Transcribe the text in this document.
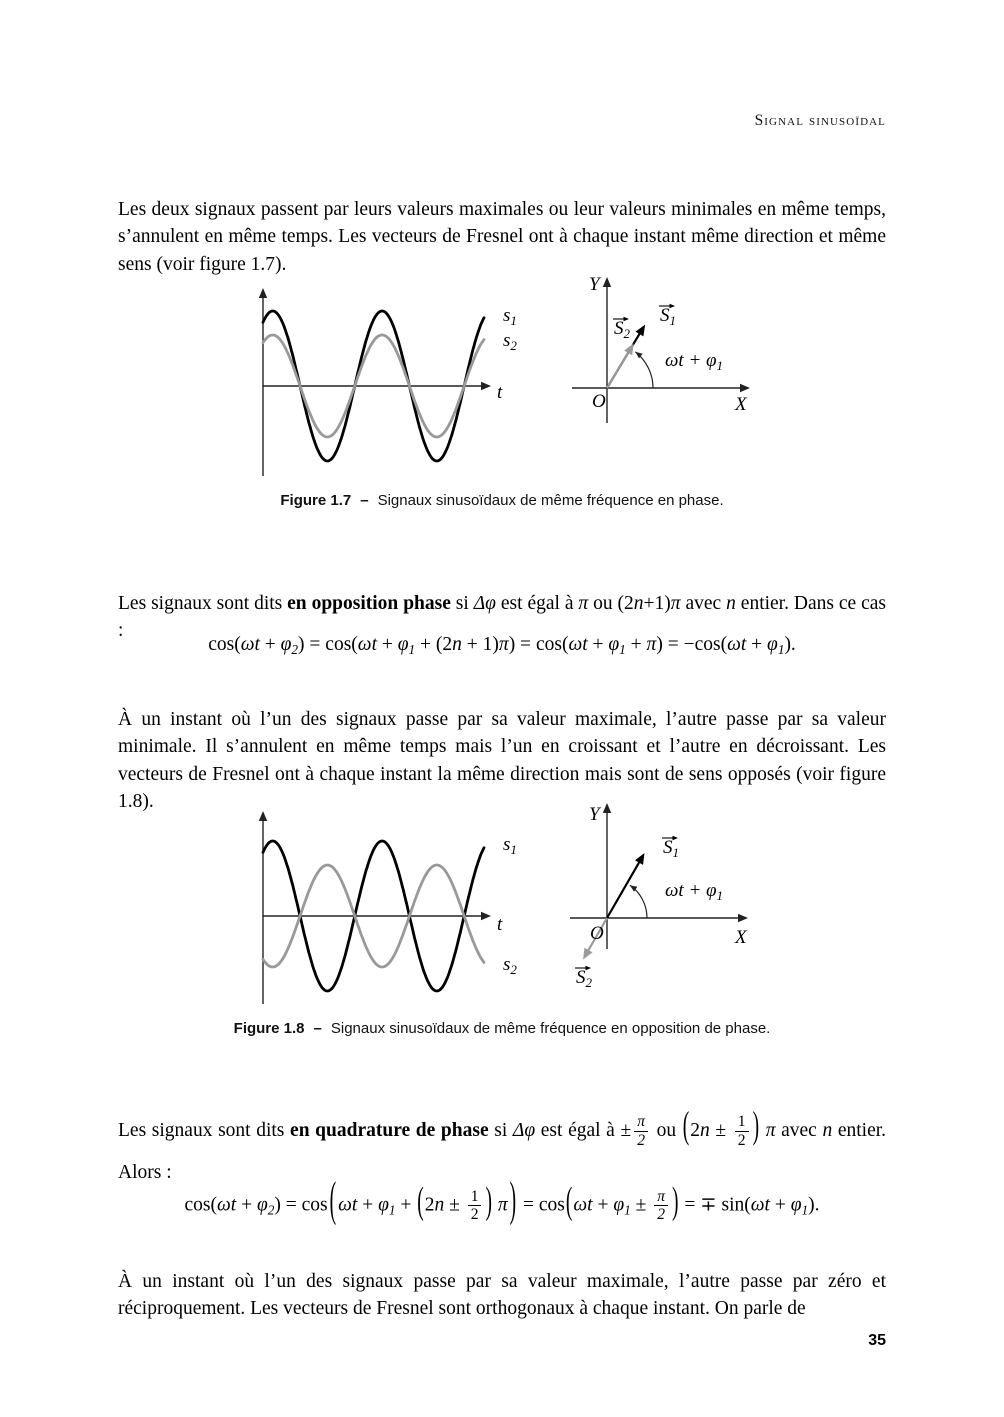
Signal sinusoïdal

Les deux signaux passent par leurs valeurs maximales ou leur valeurs minimales en même temps, s’annulent en même temps. Les vecteurs de Fresnel ont à chaque instant même direction et même sens (voir figure 1.7).

t
$s_1$
$s_2$
X
Y
O
$S_1$
$S_2$
$\omega t + \varphi_1$
Figure 1.7 – Signaux sinusoïdaux de même fréquence en phase.

Les signaux sont dits en opposition phase si Δφ est égal à π ou (2n+1)π avec n entier. Dans ce cas :

$\cos(\omega t + \varphi_2) = \cos(\omega t + \varphi_1 + (2n + 1)\pi) = \cos(\omega t + \varphi_1 + \pi) = -\cos(\omega t + \varphi_1)$.

À un instant où l’un des signaux passe par sa valeur maximale, l’autre passe par sa valeur minimale. Il s’annulent en même temps mais l’un en croissant et l’autre en décroissant. Les vecteurs de Fresnel ont à chaque instant la même direction mais sont de sens opposés (voir figure 1.8).

t
$s_1$
$s_2$
X
Y
O
$S_1$
$S_2$
$\omega t + \varphi_1$
Figure 1.8 – Signaux sinusoïdaux de même fréquence en opposition de phase.

Les signaux sont dits en quadrature de phase si Δφ est égal à ± $\frac{\pi}{2}$ ou ($2n \pm \frac{1}{2}$ ) π avec n entier. Alors :

$\cos(\omega t + \varphi_2) = \cos$ ( $\omega t + \varphi_1 + (2n \pm \frac{1}{2}$ ) π ) = $\cos(\omega t + \varphi_1 \pm \frac{\pi}{2}$ ) = ∓ $\sin(\omega t + \varphi_1)$.

À un instant où l’un des signaux passe par sa valeur maximale, l’autre passe par zéro et réciproquement. Les vecteurs de Fresnel sont orthogonaux à chaque instant. On parle de

35
